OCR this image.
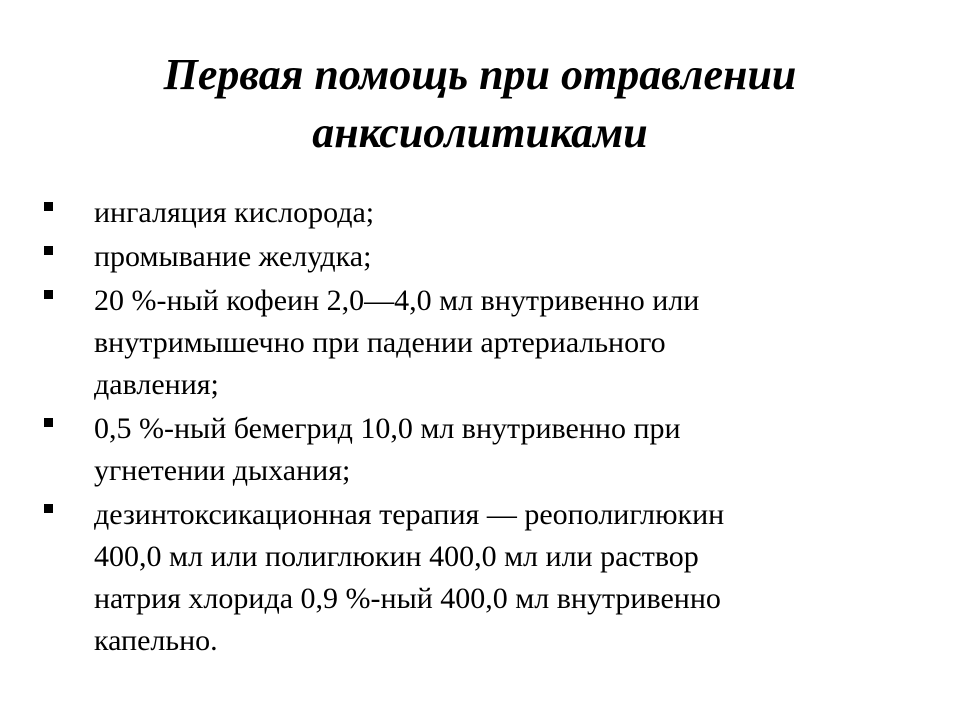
Первая помощь при отравлении
анксиолитиками
ингаляция кислорода;
промывание желудка;
20 %-ный кофеин 2,0—4,0 мл внутривенно или
внутримышечно при падении артериального
давления;
0,5 %-ный бемегрид 10,0 мл внутривенно при
угнетении дыхания;
дезинтоксикационная терапия — реополиглюкин
400,0 мл или полиглюкин 400,0 мл или раствор
натрия хлорида 0,9 %-ный 400,0 мл внутривенно
капельно.
